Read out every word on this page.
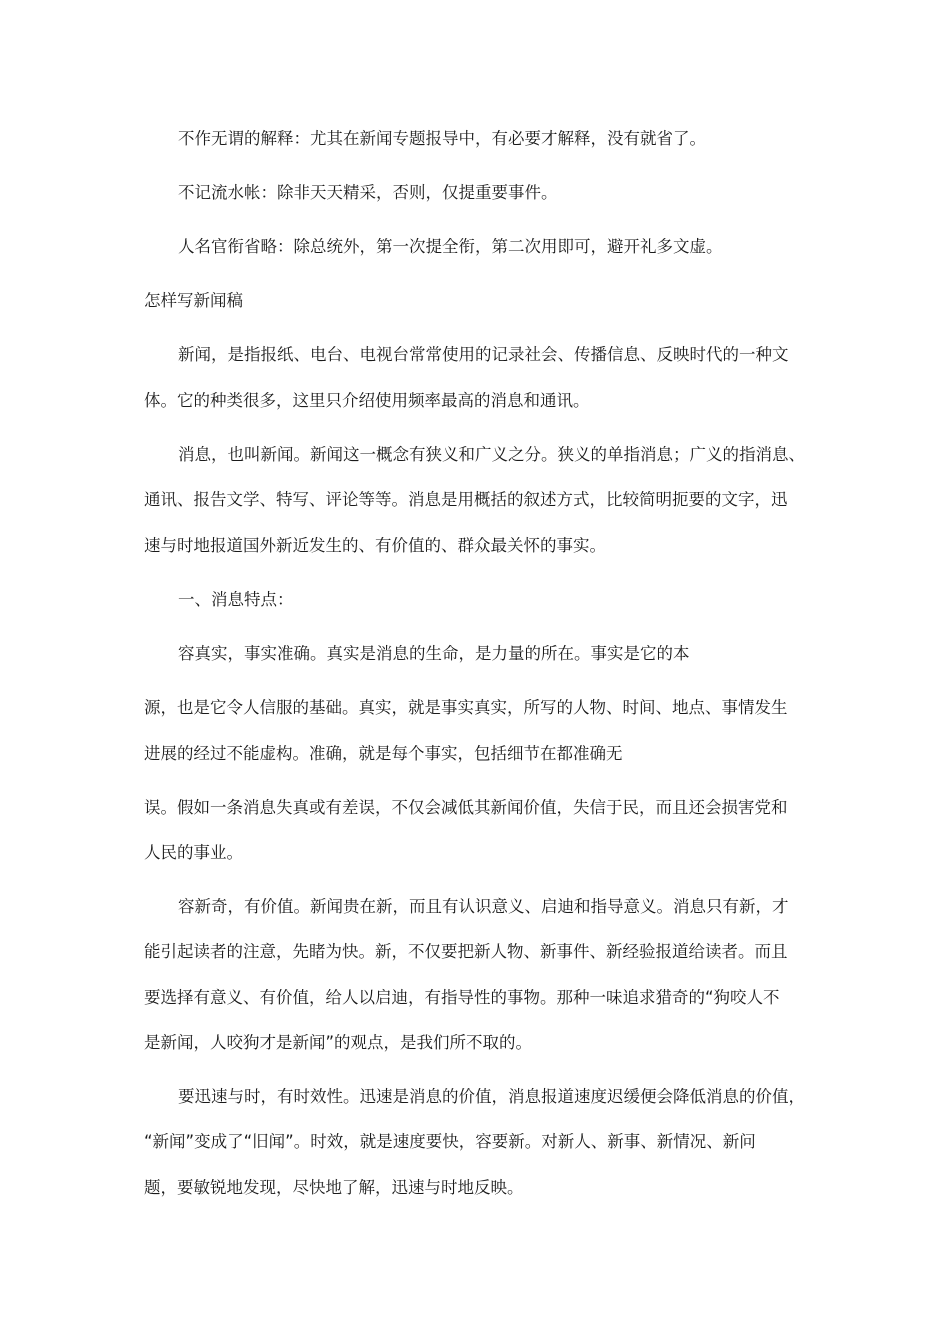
不作无谓的解释：尤其在新闻专题报导中，有必要才解释，没有就省了。
不记流水帐：除非天天精采，否则，仅提重要事件。
人名官衔省略：除总统外，第一次提全衔，第二次用即可，避开礼多文虚。
怎样写新闻稿
新闻，是指报纸、电台、电视台常常使用的记录社会、传播信息、反映时代的一种文
体。它的种类很多，这里只介绍使用频率最高的消息和通讯。
消息，也叫新闻。新闻这一概念有狭义和广义之分。狭义的单指消息；广义的指消息、
通讯、报告文学、特写、评论等等。消息是用概括的叙述方式，比较简明扼要的文字，迅
速与时地报道国外新近发生的、有价值的、群众最关怀的事实。
一、消息特点：
容真实，事实准确。真实是消息的生命，是力量的所在。事实是它的本
源，也是它令人信服的基础。真实，就是事实真实，所写的人物、时间、地点、事情发生
进展的经过不能虚构。准确，就是每个事实，包括细节在都准确无
误。假如一条消息失真或有差误，不仅会减低其新闻价值，失信于民，而且还会损害党和
人民的事业。
容新奇，有价值。新闻贵在新，而且有认识意义、启迪和指导意义。消息只有新，才
能引起读者的注意，先睹为快。新，不仅要把新人物、新事件、新经验报道给读者。而且
要选择有意义、有价值，给人以启迪，有指导性的事物。那种一味追求猎奇的“狗咬人不
是新闻，人咬狗才是新闻”的观点，是我们所不取的。
要迅速与时，有时效性。迅速是消息的价值，消息报道速度迟缓便会降低消息的价值，
“新闻”变成了“旧闻”。时效，就是速度要快，容要新。对新人、新事、新情况、新问
题，要敏锐地发现，尽快地了解，迅速与时地反映。
